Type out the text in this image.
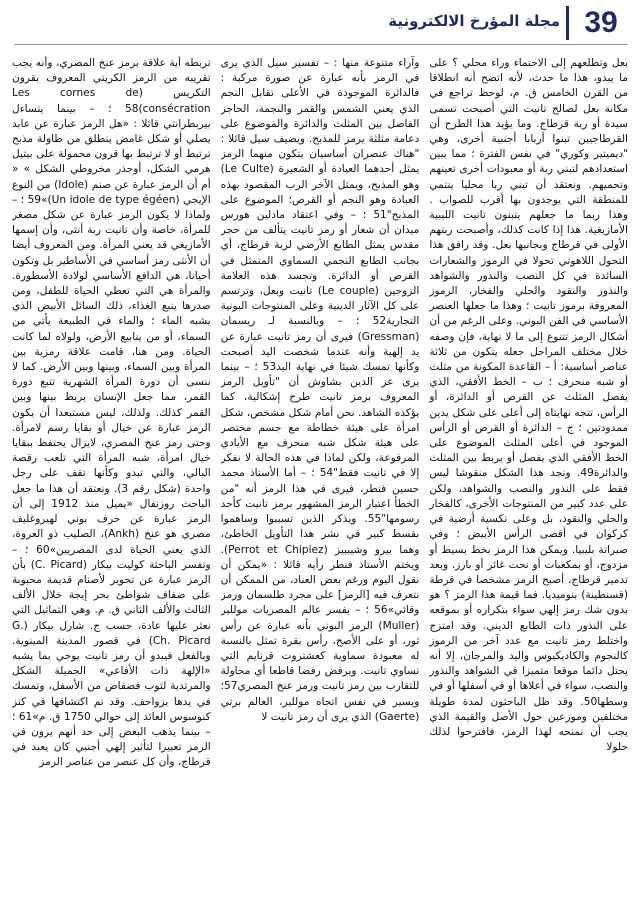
39
مجلة المؤرخ الالكترونية

بعل وتطلعهم إلى الاحتماء وراء محلي ؟ على ما يبدو، هذا ما حدث، لأنه اتضح أنه انطلاقا من القرن الخامس ق. م، لوحظ تراجع في مكانة بعل لصالح تانيت التي أصبحت تسمى سيدة أو ربة قرطاج. وما يؤيد هذا الطرح أن القرطاجيين تبنوا أربابا أجنبية أخرى، وهي "ديميتير وكوري" في نفس الفترة ؛ مما يبين استعدادهم لتبني ربة أو معبودات أخرى تعينهم وتحميهم. ونعتقد أن تبني ربا محليا ينتمي للمنطقة التي يوجدون بها أقرب للصواب . وهذا ربما ما جعلهم يتبنون تانيت الليبية الأمازيغية. هذا إذا كانت كذلك، وأصبحت ربتهم الأولى في قرطاج وبجانبها بعل. وقد رافق هذا التحول اللاهوتي تحولا في الرموز والشعارات السائدة في كل النصب والنذور والشواهد والنذور والنقود والحلي والفخار، الرموز المعروفة برموز تانيت ؛ وهذا ما جعلها العنصر الأساسي في الفن البوني. وعلى الرغم من أن أشكال الرمز تتنوع إلى ما لا نهاية، فإن وصفه خلال مختلف المراحل جعله يتكون من ثلاثة عناصر أساسية: أ – القاعدة المكونة من مثلث أو شبه منحرف ؛ ب – الخط الأفقي، الذي يفصل المثلث عن القرص أو الدائرة، أو الرأس، تتجه نهايتاه إلى أعلى على شكل يدين ممدودتين ؛ ج – الدائرة أو القرص أو الرأس الموجود في أعلى المثلث الموضوع على الخط الأفقي الذي يفصل أو يربط بين المثلث والدائرة49. ونجد هذا الشكل منقوشا ليس فقط على النذور والنصب والشواهد، ولكن على عدد كبير من المنتوجات الأخرى، كالفخار والحلي والنقود، بل وعلى تكسية أرضية في كركوان في أقصى الرأس الأبيض ؛ وفي صبراتة بليبيا. ويمكن هذا الرمز بخط بسيط أو مزدوج، أو بمكعبات أو نحت غائر أو بارز. وبعد تدمير قرطاج، أصبح الرمز مشخصا في قرطة (قسنطينة) بنوميديا. فما قيمة هذا الرمز ؟ هو بدون شك رمز إلهي سواء بتكراره أو بموقعه على النذور ذات الطابع الديني. وقد امتزج واختلط رمز تانيت مع عدد آخر من الرموز كالنجوم والكاديكيوس واليد والمرجان، إلا أنه يحتل دائما موقعا متميزا في الشواهد والنذور والنصب، سواء في أعلاها أو في أسفلها أو في وسطها50. وقد ظل الباحثون لمدة طويلة مختلفين وموزعين حول الأصل والقيمة الذي يجب أن نمنحه لهذا الرمز، فافترحوا لذلك حلولا

وآراء متنوعة منها : – تفسير سيل الذي يرى في الرمز بأنه عبارة عن صورة مركبة : فالدائرة الموجودة في الأعلى تقابل النجم الذي يعني الشمس والقمر والنجمة، الحاجز الفاصل بين المثلث والدائرة والموضوع على دعامة مثلثة يرمز للمذبح. ويضيف سيل قائلا : "هناك عنصران أساسيان يتكون منهما الرمز يمثل أحدهما العبادة أو الشعيرة (Le Culte) وهو المذبح، ويمثل الآخر الرب المقصود بهذه العبادة وهو النجم أو القرص؛ الموضوع على المذبح"51 ؛ – وفي اعتقاد مادلين هورس ميدان أن شعار أو رمز تانيت يتألف من حجر مقدس يمثل الطابع الأرضي لربة قرطاج، أي بجانب الطابع النجمي السماوي المتمثل في القرص أو الدائرة. وتجسد هذه العلامة الزوجين (Le couple) تانيت وبعل، وترتسم على كل الآثار الدينية وعلى المنتوجات البونية التجارية52 ؛ – وبالنسبة لـ ريسمان (Gressman) فيرى أن رمز تانيت عبارة عن يد إلهية وأنه عندما شخصت اليد أصبحت وكأنها تمسك شيئا في نهاية اليد53 ؛ – بينما يرى عز الدين بشاوش أن "تأويل الرمز المعروف برمز تانيت طرح إشكالية، كما يؤكده الشاهد. نحن أمام شكل مشخص، شكل امرأة على هيئة خطاطة مع جسم مختصر على هيئة شكل شبه منحرف مع الأيادي المرفوعة، ولكن لماذا في هذه الحالة لا نفكر إلا في تانيت فقط"54 ؛ – أما الأستاذ محمد حسين فنطر، فيرى في هذا الرمز أنه "من الخطأ اعتبار الرمز المشهور برمز تانيت كأحد رسومها"55. ويذكر الذين تسببوا وساهموا بقسط كبير في نشر هذا التأويل الخاطئ، وهما بيرو وشيبييز (Perrot et Chipiez). ويختم الأستاذ فنطر رأيه قائلا : «يمكن أن نقول اليوم ورغم بعض العناد، من الممكن أن نتعرف فيه [الرمز] على مجرد طلسمان ورمز وقائي»56 ؛ – يفسر عالم المصريات موللير (Muller) الرمز البوني بأنه عبارة عن رأس ثور، أو على الأصح، رأس بقرة تمثل بالنسبة له معبودة سماوية كعشتروت قرنايم التي تساوي تانيت. ويرفض رفضا قاطعا أي محاولة للتقارب بين رمز تانيت ورمز عنخ المصري57؛ ويسير في نفس اتجاه موللير، العالم برتي (Gaerte) الذي يرى أن رمز تانيت لا

تربطه أية علاقة برمز عنخ المصري، وأنه يجب تقريبه من الرمز الكريتي المعروف بقرون التكريس (Les cornes de consécration)58 ؛ – بينما يتساءل بيربطرانتي قائلا : «هل الرمز عبارة عن عابد يصلي أو شكل غامض ينطلق من طاولة مذبح ترتبط أو لا ترتبط بها قرون محمولة على بيتيل هرمي الشكل، أوجذر مخروطي الشكل » « أم أن الرمز عبارة عن صنم (Idole) من النوع الإيجي (Un idole de type égéen)»59 ؛ – ولماذا لا يكون الرمز عبارة عن شكل مصغر للمرأة، خاصة وأن تانيت ربة أنثى، وأن إسمها الأمازيغي قد يعني المرأة. ومن المعروف أيضا أن الأنثى رمز أساسي في الأساطير بل وتكون أحيانا، هي الدافع الأساسي لولادة الأسطورة. والمرأة هي التي تعطي الحياة للطفل، ومن صدرها ينبع الغذاء، ذلك السائل الأبيض الذي يشبه الماء ؛ والماء في الطبيعة يأتي من السماء، أو من ينابيع الأرض، ولولاه لما كانت الحياة. ومن هنا، قامت علاقة رمزية بين المرأة وبين السماء، وبينها وبين الأرض. كما لا ننسى أن دورة المرأة الشهرية تتبع دورة القمر، مما جعل الإنسان يربط بينها وبين القمر كذلك. ولذلك، ليس مستبعدا أن يكون الرمز عبارة عن خيال أو بقايا رسم لامرأة. وحتى رمز عنخ المصري، لايزال يحتفظ ببقايا خيال امرأة، شبه المرأة التي تلعب رقصة البالي، والتي تبدو وكأنها تقف على رجل واحدة (شكل رقم 3). ونعتقد أن هذا ما جعل الباحث روزنفال «يميل منذ 1912 إلى أن الرمز عبارة عن حرف بوني لهيروغليف مصري هو عنخ (Ankh)، الصليب ذو العروة، الذي يعني الحياة لدى المصريين»60 ؛ – وتفسر الباحثة كوليت بيكار (C. Picard) بأن الرمز عبارة عن تحوير لأصنام قديمة محبوبة على ضفاف شواطئ بحر إيجة خلال الألف الثالث والألف الثاني ق. م. وهي التماثيل التي نعثر عليها عادة، حسب ج. شارل بيكار (G. Ch. Picard) في قصور المدينة المينوية. وبالفعل فيبدو أن رمز تانيت يوحي بما يشبه «الإلهة ذات الأفاعي» الجميلة الشكل والمرتدية لثوب فضفاض من الأسفل، وتمسك في يدها بزواحف. وقد تم اكتشافها في كنز كنوسوس العائد إلى حوالي 1750 ق. م»61 ؛ – بينما يذهب البعض إلى حد أنهم يرون في الرمز تعبيرا لتأثير إلهي أجنبي كان يعبد في قرطاج، وأن كل عنصر من عناصر الرمز
